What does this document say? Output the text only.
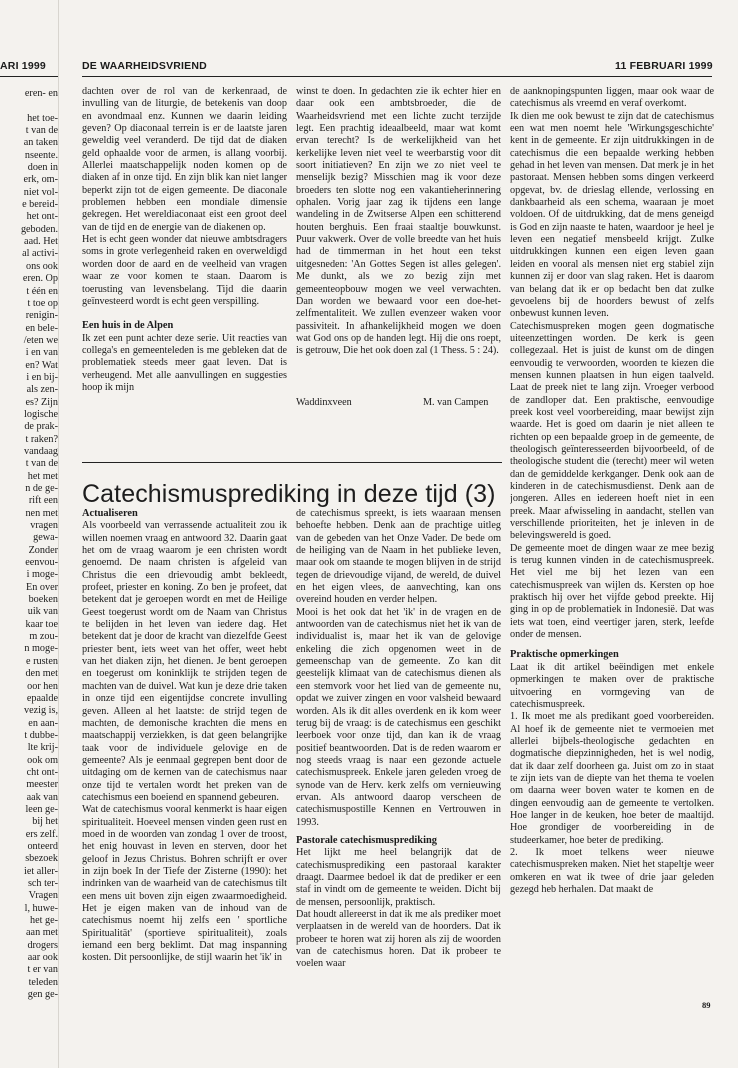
ARI 1999
eren- en
het toe-
t van de
an taken
nseente.
doen in
erk, om-
niet vol-
e bereid-
het ont-
geboden.
aad. Het
al activi-
ons ook
eren. Op
t één en
t toe op
renigin-
en bele-
/eten we
i en van
en? Wat
i en bij-
als zen-
es? Zijn
logische
de prak-
t raken?
vandaag
t van de
het met
n de ge-
rift een
nen met
vragen
gewa-
Zonder
eenvou-
i moge-
En over
boeken
uik van
kaar toe
m zou-
n moge-
e rusten
den met
oor hen
epaalde
vezig is,
en aan-
t dubbe-
lte krij-
ook om
cht ont-
meester
aak van
leen ge-
bij het
ers zelf.
onteerd
sbezoek
iet aller-
sch ter-
Vragen
l, huwe-
het ge-
aan met
drogers
aar ook
t er van
teleden
gen ge-
DE WAARHEIDSVRIEND	11 FEBRUARI 1999

dachten over de rol van de kerkenraad, de invulling van de liturgie, de betekenis van doop en avondmaal enz. Kunnen we daarin leiding geven? Op diaconaal terrein is er de laatste jaren geweldig veel veranderd. De tijd dat de diaken geld ophaalde voor de armen, is allang voorbij. Allerlei maatschappelijk noden komen op de diaken af in onze tijd. En zijn blik kan niet langer beperkt zijn tot de eigen gemeente. De diaconale problemen hebben een mondiale dimensie gekregen. Het wereldiaconaat eist een groot deel van de tijd en de energie van de diakenen op.

Het is echt geen wonder dat nieuwe ambtsdragers soms in grote verlegenheid raken en overweldigd worden door de aard en de veelheid van vragen waar ze voor komen te staan. Daarom is toerusting van levensbelang. Tijd die daarin geïnvesteerd wordt is echt geen verspilling.

Een huis in de Alpen

Ik zet een punt achter deze serie. Uit reacties van collega's en gemeenteleden is me gebleken dat de problematiek steeds meer gaat leven. Dat is verheugend. Met alle aanvullingen en suggesties hoop ik mijn

winst te doen. In gedachten zie ik echter hier en daar ook een ambtsbroeder, die de Waarheidsvriend met een lichte zucht terzijde legt. Een prachtig ideaalbeeld, maar wat komt ervan terecht? Is de werkelijkheid van het kerkelijke leven niet veel te weerbarstig voor dit soort initiatieven? En zijn we zo niet veel te menselijk bezig? Misschien mag ik voor deze broeders ten slotte nog een vakantieherinnering ophalen. Vorig jaar zag ik tijdens een lange wandeling in de Zwitserse Alpen een schitterend houten berghuis. Een fraai staaltje bouwkunst. Puur vakwerk. Over de volle breedte van het huis had de timmerman in het hout een tekst uitgesneden: 'An Gottes Segen ist alles gelegen'. Me dunkt, als we zo bezig zijn met gemeenteopbouw mogen we veel verwachten. Dan worden we bewaard voor een doe-het-zelfmentaliteit. We zullen evenzeer waken voor passiviteit. In afhankelijkheid mogen we doen wat God ons op de handen legt. Hij die ons roept, is getrouw, Die het ook doen zal (1 Thess. 5 : 24).

Waddinxveen	M. van Campen
Catechismusprediking in deze tijd (3)
Actualiseren

Als voorbeeld van verrassende actualiteit zou ik willen noemen vraag en antwoord 32. Daarin gaat het om de vraag waarom je een christen wordt genoemd. De naam christen is afgeleid van Christus die een drievoudig ambt bekleedt, profeet, priester en koning. Zo ben je profeet, dat betekent dat je geroepen wordt en met de Heilige Geest toegerust wordt om de Naam van Christus te belijden in het leven van iedere dag. Het betekent dat je door de kracht van diezelfde Geest priester bent, iets weet van het offer, weet hebt van het diaken zijn, het dienen. Je bent geroepen en toegerust om koninklijk te strijden tegen de machten van de duivel. Wat kun je deze drie taken in onze tijd een eigentijdse concrete invulling geven. Alleen al het laatste: de strijd tegen de machten, de demonische krachten die mens en maatschappij verziekken, is dat geen belangrijke taak voor de individuele gelovige en de gemeente? Als je eenmaal gegrepen bent door de uitdaging om de kernen van de catechismus naar onze tijd te vertalen wordt het preken van de catechismus een boeiend en spannend gebeuren.

Wat de catechismus vooral kenmerkt is haar eigen spiritualiteit. Hoeveel mensen vinden geen rust en moed in de woorden van zondag 1 over de troost, het enig houvast in leven en sterven, door het geloof in Jezus Christus. Bohren schrijft er over in zijn boek In der Tiefe der Zisterne (1990): het indrinken van de waarheid van de catechismus tilt een mens uit boven zijn eigen zwaarmoedigheid. Het je eigen maken van de inhoud van de catechismus noemt hij zelfs een ' sportliche Spiritualität' (sportieve spiritualiteit), zoals iemand een berg beklimt. Dat mag inspanning kosten. Dit persoonlijke, de stijl waarin het 'ik' in

de catechismus spreekt, is iets waaraan mensen behoefte hebben. Denk aan de prachtige uitleg van de gebeden van het Onze Vader. De bede om de heiliging van de Naam in het publieke leven, maar ook om staande te mogen blijven in de strijd tegen de drievoudige vijand, de wereld, de duivel en het eigen vlees, de aanvechting, kan ons overeind houden en verder helpen.

Mooi is het ook dat het 'ik' in de vragen en de antwoorden van de catechismus niet het ik van de individualist is, maar het ik van de gelovige enkeling die zich opgenomen weet in de gemeenschap van de gemeente. Zo kan dit geestelijk klimaat van de catechismus dienen als een stemvork voor het lied van de gemeente nu, opdat we zuiver zingen en voor valsheid bewaard worden. Als ik dit alles overdenk en ik kom weer terug bij de vraag: is de catechismus een geschikt leerboek voor onze tijd, dan kan ik de vraag positief beantwoorden. Dat is de reden waarom er nog steeds vraag is naar een gezonde actuele catechismuspreek. Enkele jaren geleden vroeg de synode van de Herv. kerk zelfs om vernieuwing ervan. Als antwoord daarop verscheen de catechismuspostille Kennen en Vertrouwen in 1993.

Pastorale catechismusprediking

Het lijkt me heel belangrijk dat de catechismusprediking een pastoraal karakter draagt. Daarmee bedoel ik dat de prediker er een staf in vindt om de gemeente te weiden. Dicht bij de mensen, persoonlijk, praktisch.
Dat houdt allereerst in dat ik me als prediker moet verplaatsen in de wereld van de hoorders. Dat ik probeer te horen wat zij horen als zij de woorden van de catechismus horen. Dat ik probeer te voelen waar

de aanknopingspunten liggen, maar ook waar de catechismus als vreemd en veraf overkomt.

Ik dien me ook bewust te zijn dat de catechismus een wat men noemt hele 'Wirkungsgeschichte' kent in de gemeente. Er zijn uitdrukkingen in de catechismus die een bepaalde werking hebben gehad in het leven van mensen. Dat merk je in het pastoraat. Mensen hebben soms dingen verkeerd opgevat, bv. de drieslag ellende, verlossing en dankbaarheid als een schema, waaraan je moet voldoen. Of de uitdrukking, dat de mens geneigd is God en zijn naaste te haten, waardoor je heel je leven een negatief mensbeeld krijgt. Zulke uitdrukkingen kunnen een eigen leven gaan leiden en vooral als mensen niet erg stabiel zijn kunnen zij er door van slag raken. Het is daarom van belang dat ik er op bedacht ben dat zulke gevoelens bij de hoorders bewust of zelfs onbewust kunnen leven.

Catechismuspreken mogen geen dogmatische uiteenzettingen worden. De kerk is geen collegezaal. Het is juist de kunst om de dingen eenvoudig te verwoorden, woorden te kiezen die mensen kunnen plaatsen in hun eigen taalveld. Laat de preek niet te lang zijn. Vroeger verbood de zandloper dat. Een praktische, eenvoudige preek kost veel voorbereiding, maar bewijst zijn waarde. Het is goed om daarin je niet alleen te richten op een bepaalde groep in de gemeente, de theologisch geïnteresseerden bijvoorbeeld, of de theologische student die (terecht) meer wil weten dan de gemiddelde kerkganger. Denk ook aan de kinderen in de catechismusdienst. Denk aan de jongeren. Alles en iedereen hoeft niet in een preek. Maar afwisseling in aandacht, stellen van verschillende prioriteiten, het je inleven in de belevingswereld is goed.

De gemeente moet de dingen waar ze mee bezig is terug kunnen vinden in de catechismuspreek. Het viel me bij het lezen van een catechismuspreek van wijlen ds. Kersten op hoe praktisch hij over het vijfde gebod preekte. Hij ging in op de problematiek in Indonesië. Dat was iets wat toen, eind veertiger jaren, sterk, leefde onder de mensen.

Praktische opmerkingen

Laat ik dit artikel beëindigen met enkele opmerkingen te maken over de praktische uitvoering en vormgeving van de catechismuspreek.

1. Ik moet me als predikant goed voorbereiden. Al hoef ik de gemeente niet te vermoeien met allerlei bijbels-theologische gedachten en dogmatische diepzinnigheden, het is wel nodig, dat ik daar zelf doorheen ga. Juist om zo in staat te zijn iets van de diepte van het thema te voelen om daarna weer boven water te komen en de dingen eenvoudig aan de gemeente te vertolken. Hoe langer in de keuken, hoe beter de maaltijd. Hoe grondiger de voorbereiding in de studeerkamer, hoe beter de prediking.

2. Ik moet telkens weer nieuwe catechismuspreken maken. Niet het stapeltje weer omkeren en wat ik twee of drie jaar geleden gezegd heb herhalen. Dat maakt de

89
